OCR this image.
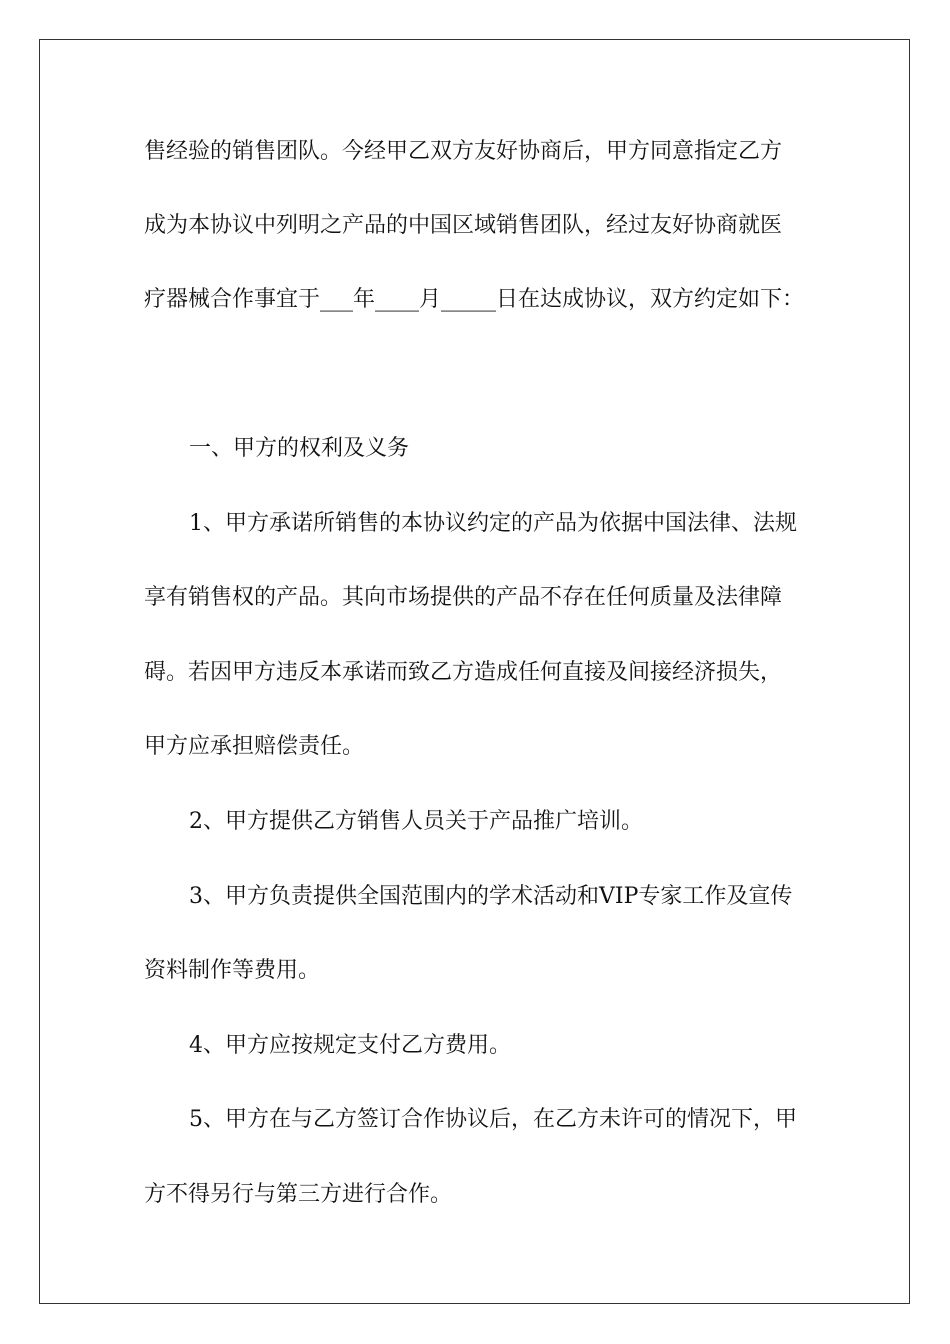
售经验的销售团队。今经甲乙双方友好协商后，甲方同意指定乙方
成为本协议中列明之产品的中国区域销售团队，经过友好协商就医
疗器械合作事宜于___年____月_____日在达成协议，双方约定如下：
一、甲方的权利及义务
1、甲方承诺所销售的本协议约定的产品为依据中国法律、法规
享有销售权的产品。其向市场提供的产品不存在任何质量及法律障
碍。若因甲方违反本承诺而致乙方造成任何直接及间接经济损失，
甲方应承担赔偿责任。
2、甲方提供乙方销售人员关于产品推广培训。
3、甲方负责提供全国范围内的学术活动和VIP专家工作及宣传
资料制作等费用。
4、甲方应按规定支付乙方费用。
5、甲方在与乙方签订合作协议后，在乙方未许可的情况下，甲
方不得另行与第三方进行合作。
